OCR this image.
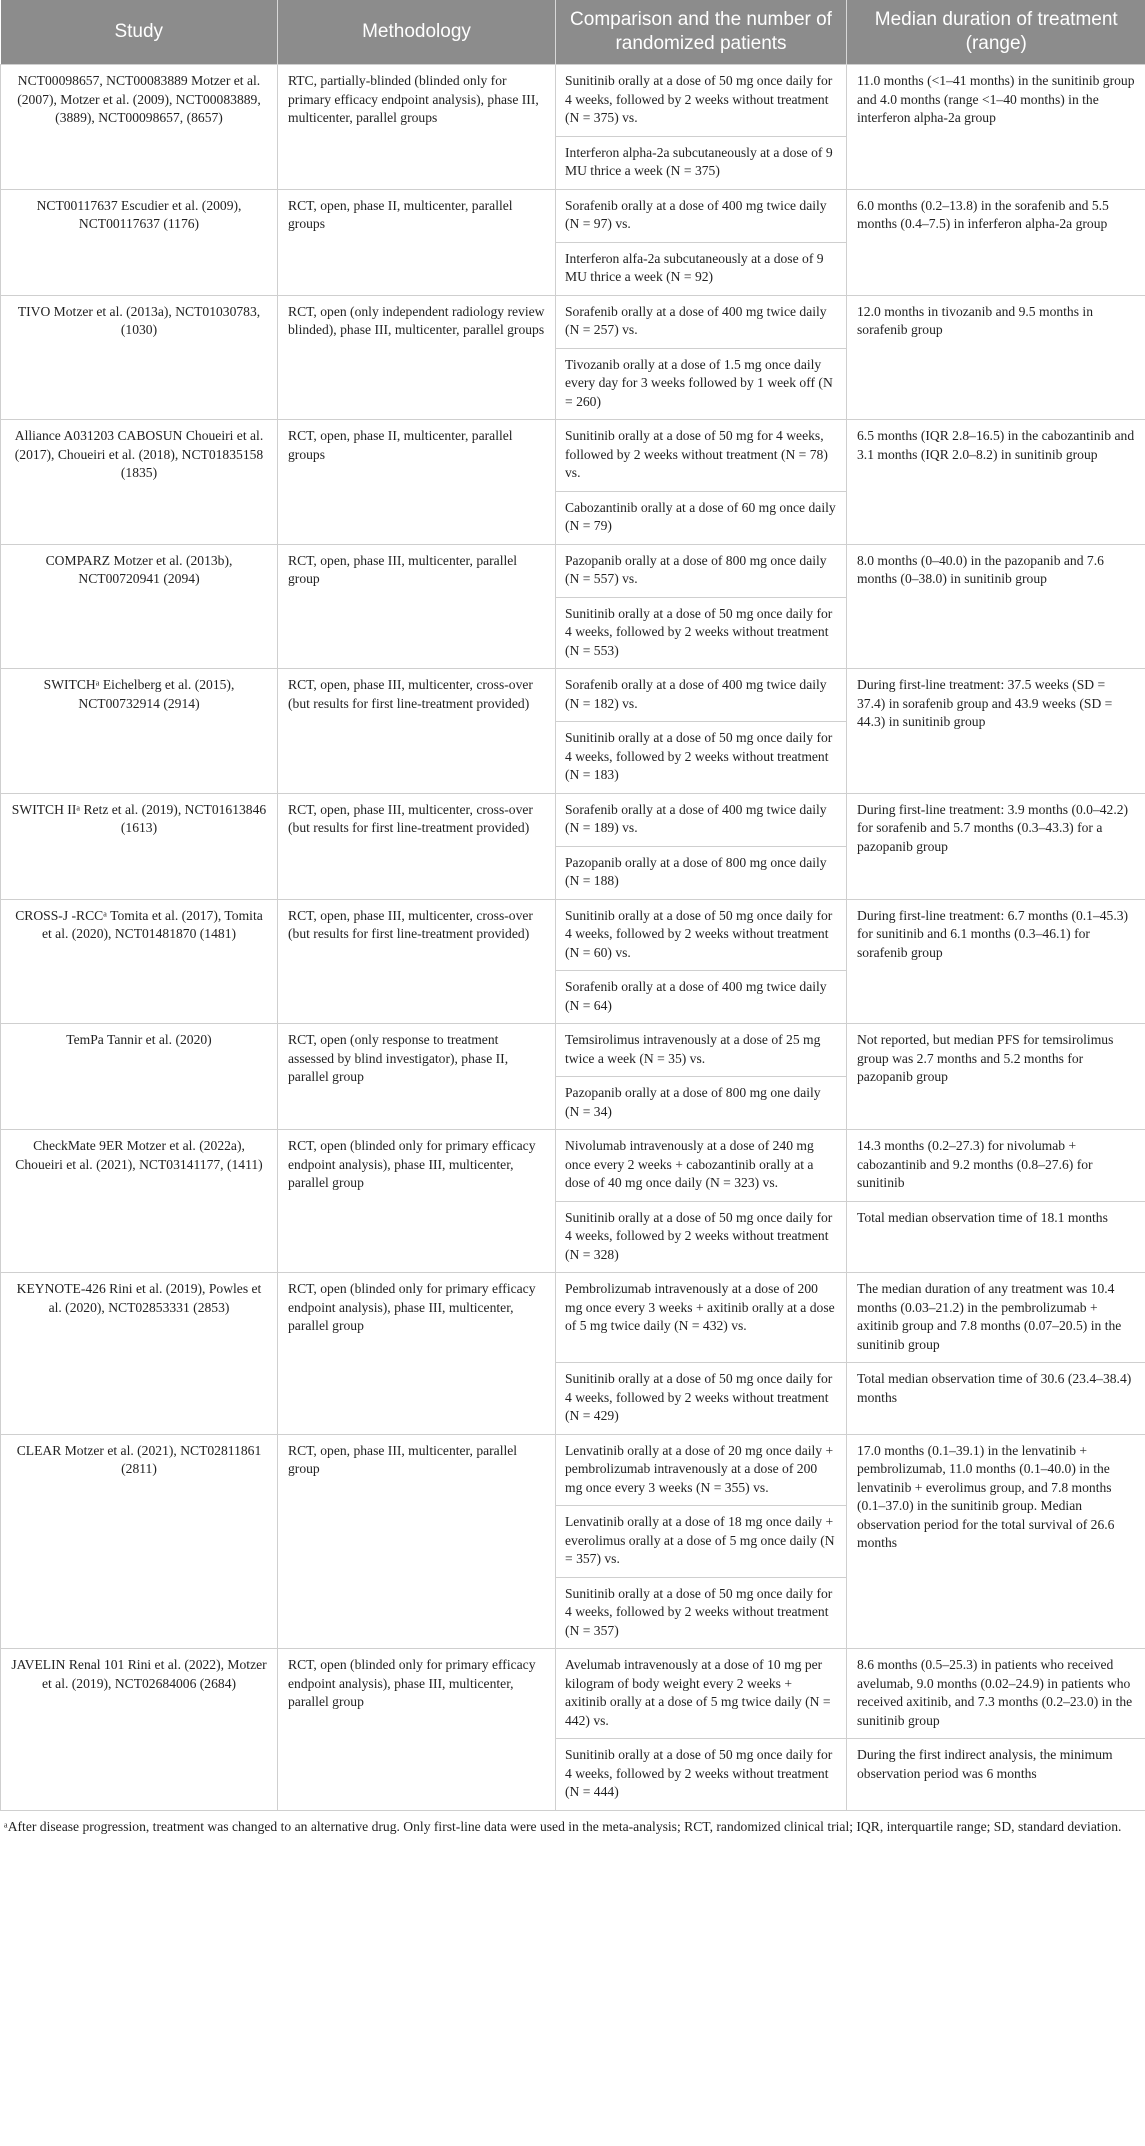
Study	Methodology	Comparison and the number of randomized patients	Median duration of treatment (range)
NCT00098657, NCT00083889 Motzer et al. (2007), Motzer et al. (2009), NCT00083889, (3889), NCT00098657, (8657)	RTC, partially-blinded (blinded only for primary efficacy endpoint analysis), phase III, multicenter, parallel groups	Sunitinib orally at a dose of 50 mg once daily for 4 weeks, followed by 2 weeks without treatment (N = 375) vs.	11.0 months (<1–41 months) in the sunitinib group and 4.0 months (range <1–40 months) in the interferon alpha-2a group
		Interferon alpha-2a subcutaneously at a dose of 9 MU thrice a week (N = 375)	
NCT00117637 Escudier et al. (2009), NCT00117637 (1176)	RCT, open, phase II, multicenter, parallel groups	Sorafenib orally at a dose of 400 mg twice daily (N = 97) vs.	6.0 months (0.2–13.8) in the sorafenib and 5.5 months (0.4–7.5) in inferferon alpha-2a group
		Interferon alfa-2a subcutaneously at a dose of 9 MU thrice a week (N = 92)	
TIVO Motzer et al. (2013a), NCT01030783, (1030)	RCT, open (only independent radiology review blinded), phase III, multicenter, parallel groups	Sorafenib orally at a dose of 400 mg twice daily (N = 257) vs.	12.0 months in tivozanib and 9.5 months in sorafenib group
		Tivozanib orally at a dose of 1.5 mg once daily every day for 3 weeks followed by 1 week off (N = 260)	
Alliance A031203 CABOSUN Choueiri et al. (2017), Choueiri et al. (2018), NCT01835158 (1835)	RCT, open, phase II, multicenter, parallel groups	Sunitinib orally at a dose of 50 mg for 4 weeks, followed by 2 weeks without treatment (N = 78) vs.	6.5 months (IQR 2.8–16.5) in the cabozantinib and 3.1 months (IQR 2.0–8.2) in sunitinib group
		Cabozantinib orally at a dose of 60 mg once daily (N = 79)	
COMPARZ Motzer et al. (2013b), NCT00720941 (2094)	RCT, open, phase III, multicenter, parallel group	Pazopanib orally at a dose of 800 mg once daily (N = 557) vs.	8.0 months (0–40.0) in the pazopanib and 7.6 months (0–38.0) in sunitinib group
		Sunitinib orally at a dose of 50 mg once daily for 4 weeks, followed by 2 weeks without treatment (N = 553)	
SWITCHᵃ Eichelberg et al. (2015), NCT00732914 (2914)	RCT, open, phase III, multicenter, cross-over (but results for first line-treatment provided)	Sorafenib orally at a dose of 400 mg twice daily (N = 182) vs.	During first-line treatment: 37.5 weeks (SD = 37.4) in sorafenib group and 43.9 weeks (SD = 44.3) in sunitinib group
		Sunitinib orally at a dose of 50 mg once daily for 4 weeks, followed by 2 weeks without treatment (N = 183)	
SWITCH IIᵃ Retz et al. (2019), NCT01613846 (1613)	RCT, open, phase III, multicenter, cross-over (but results for first line-treatment provided)	Sorafenib orally at a dose of 400 mg twice daily (N = 189) vs.	During first-line treatment: 3.9 months (0.0–42.2) for sorafenib and 5.7 months (0.3–43.3) for a pazopanib group
		Pazopanib orally at a dose of 800 mg once daily (N = 188)	
CROSS-J -RCCᵃ Tomita et al. (2017), Tomita et al. (2020), NCT01481870 (1481)	RCT, open, phase III, multicenter, cross-over (but results for first line-treatment provided)	Sunitinib orally at a dose of 50 mg once daily for 4 weeks, followed by 2 weeks without treatment (N = 60) vs.	During first-line treatment: 6.7 months (0.1–45.3) for sunitinib and 6.1 months (0.3–46.1) for sorafenib group
		Sorafenib orally at a dose of 400 mg twice daily (N = 64)	
TemPa Tannir et al. (2020)	RCT, open (only response to treatment assessed by blind investigator), phase II, parallel group	Temsirolimus intravenously at a dose of 25 mg twice a week (N = 35) vs.	Not reported, but median PFS for temsirolimus group was 2.7 months and 5.2 months for pazopanib group
		Pazopanib orally at a dose of 800 mg one daily (N = 34)	
CheckMate 9ER Motzer et al. (2022a), Choueiri et al. (2021), NCT03141177, (1411)	RCT, open (blinded only for primary efficacy endpoint analysis), phase III, multicenter, parallel group	Nivolumab intravenously at a dose of 240 mg once every 2 weeks + cabozantinib orally at a dose of 40 mg once daily (N = 323) vs.	14.3 months (0.2–27.3) for nivolumab + cabozantinib and 9.2 months (0.8–27.6) for sunitinib
		Sunitinib orally at a dose of 50 mg once daily for 4 weeks, followed by 2 weeks without treatment (N = 328)	Total median observation time of 18.1 months
KEYNOTE-426 Rini et al. (2019), Powles et al. (2020), NCT02853331 (2853)	RCT, open (blinded only for primary efficacy endpoint analysis), phase III, multicenter, parallel group	Pembrolizumab intravenously at a dose of 200 mg once every 3 weeks + axitinib orally at a dose of 5 mg twice daily (N = 432) vs.	The median duration of any treatment was 10.4 months (0.03–21.2) in the pembrolizumab + axitinib group and 7.8 months (0.07–20.5) in the sunitinib group
		Sunitinib orally at a dose of 50 mg once daily for 4 weeks, followed by 2 weeks without treatment (N = 429)	Total median observation time of 30.6 (23.4–38.4) months
CLEAR Motzer et al. (2021), NCT02811861 (2811)	RCT, open, phase III, multicenter, parallel group	Lenvatinib orally at a dose of 20 mg once daily + pembrolizumab intravenously at a dose of 200 mg once every 3 weeks (N = 355) vs.	17.0 months (0.1–39.1) in the lenvatinib + pembrolizumab, 11.0 months (0.1–40.0) in the lenvatinib + everolimus group, and 7.8 months (0.1–37.0) in the sunitinib group. Median observation period for the total survival of 26.6 months
		Lenvatinib orally at a dose of 18 mg once daily + everolimus orally at a dose of 5 mg once daily (N = 357) vs.	
		Sunitinib orally at a dose of 50 mg once daily for 4 weeks, followed by 2 weeks without treatment (N = 357)	
JAVELIN Renal 101 Rini et al. (2022), Motzer et al. (2019), NCT02684006 (2684)	RCT, open (blinded only for primary efficacy endpoint analysis), phase III, multicenter, parallel group	Avelumab intravenously at a dose of 10 mg per kilogram of body weight every 2 weeks + axitinib orally at a dose of 5 mg twice daily (N = 442) vs.	8.6 months (0.5–25.3) in patients who received avelumab, 9.0 months (0.02–24.9) in patients who received axitinib, and 7.3 months (0.2–23.0) in the sunitinib group
		Sunitinib orally at a dose of 50 mg once daily for 4 weeks, followed by 2 weeks without treatment (N = 444)	During the first indirect analysis, the minimum observation period was 6 months
ᵃAfter disease progression, treatment was changed to an alternative drug. Only first-line data were used in the meta-analysis; RCT, randomized clinical trial; IQR, interquartile range; SD, standard deviation.
